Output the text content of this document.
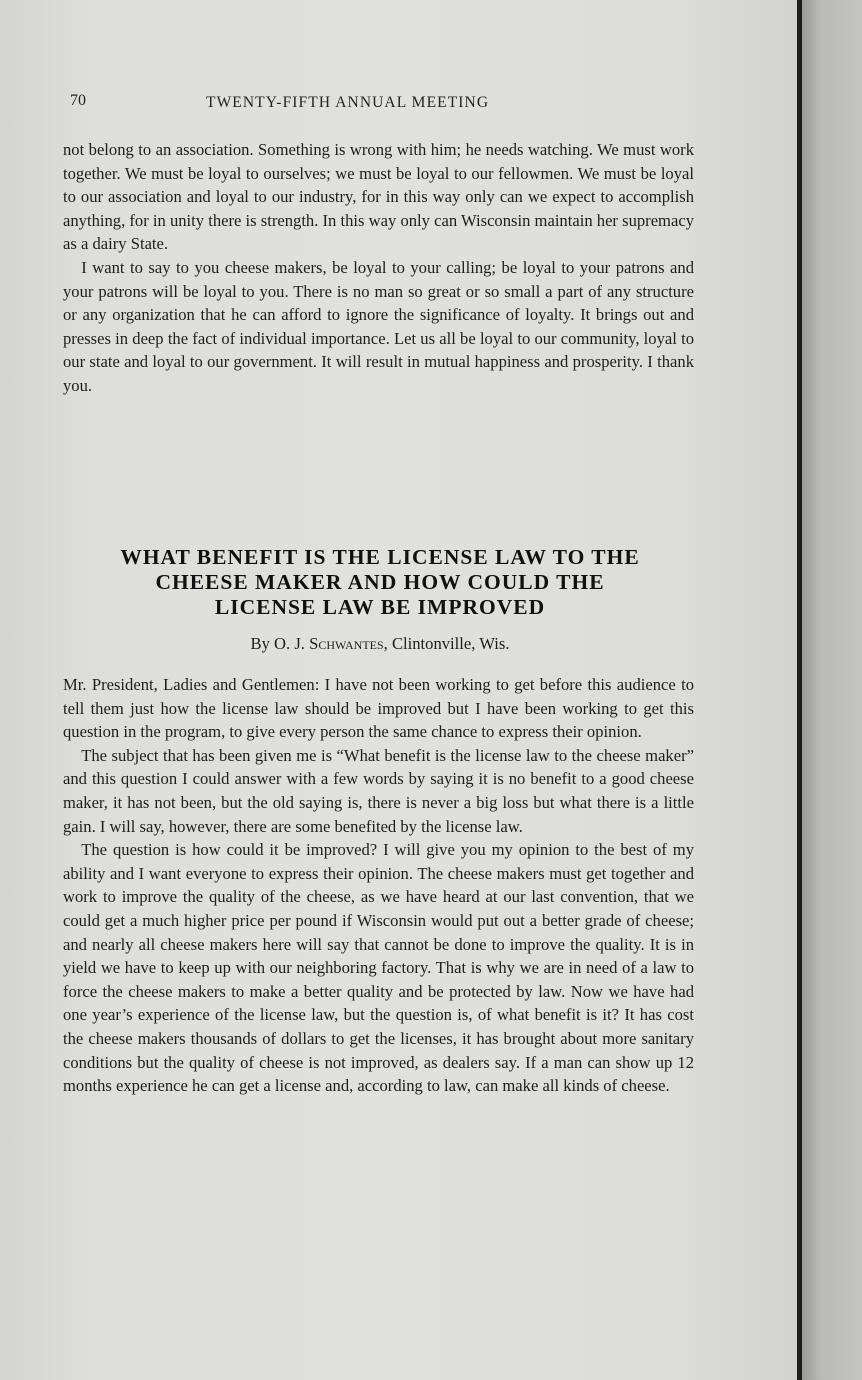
70	TWENTY-FIFTH ANNUAL MEETING

not belong to an association. Something is wrong with him; he needs watching. We must work together. We must be loyal to ourselves; we must be loyal to our fellowmen. We must be loyal to our association and loyal to our industry, for in this way only can we expect to accomplish anything, for in unity there is strength. In this way only can Wisconsin maintain her supremacy as a dairy State.

I want to say to you cheese makers, be loyal to your calling; be loyal to your patrons and your patrons will be loyal to you. There is no man so great or so small a part of any structure or any organization that he can afford to ignore the significance of loyalty. It brings out and presses in deep the fact of individual importance. Let us all be loyal to our community, loyal to our state and loyal to our government. It will result in mutual happiness and prosperity. I thank you.

WHAT BENEFIT IS THE LICENSE LAW TO THE
CHEESE MAKER AND HOW COULD THE
LICENSE LAW BE IMPROVED
By O. J. Schwantes, Clintonville, Wis.

Mr. President, Ladies and Gentlemen: I have not been working to get before this audience to tell them just how the license law should be improved but I have been working to get this question in the program, to give every person the same chance to express their opinion.

The subject that has been given me is “What benefit is the license law to the cheese maker” and this question I could answer with a few words by saying it is no benefit to a good cheese maker, it has not been, but the old saying is, there is never a big loss but what there is a little gain. I will say, however, there are some benefited by the license law.

The question is how could it be improved? I will give you my opinion to the best of my ability and I want everyone to express their opinion. The cheese makers must get together and work to improve the quality of the cheese, as we have heard at our last convention, that we could get a much higher price per pound if Wisconsin would put out a better grade of cheese; and nearly all cheese makers here will say that cannot be done to improve the quality. It is in yield we have to keep up with our neighboring factory. That is why we are in need of a law to force the cheese makers to make a better quality and be protected by law. Now we have had one year’s experience of the license law, but the question is, of what benefit is it? It has cost the cheese makers thousands of dollars to get the licenses, it has brought about more sanitary conditions but the quality of cheese is not improved, as dealers say. If a man can show up 12 months experience he can get a license and, according to law, can make all kinds of cheese.
